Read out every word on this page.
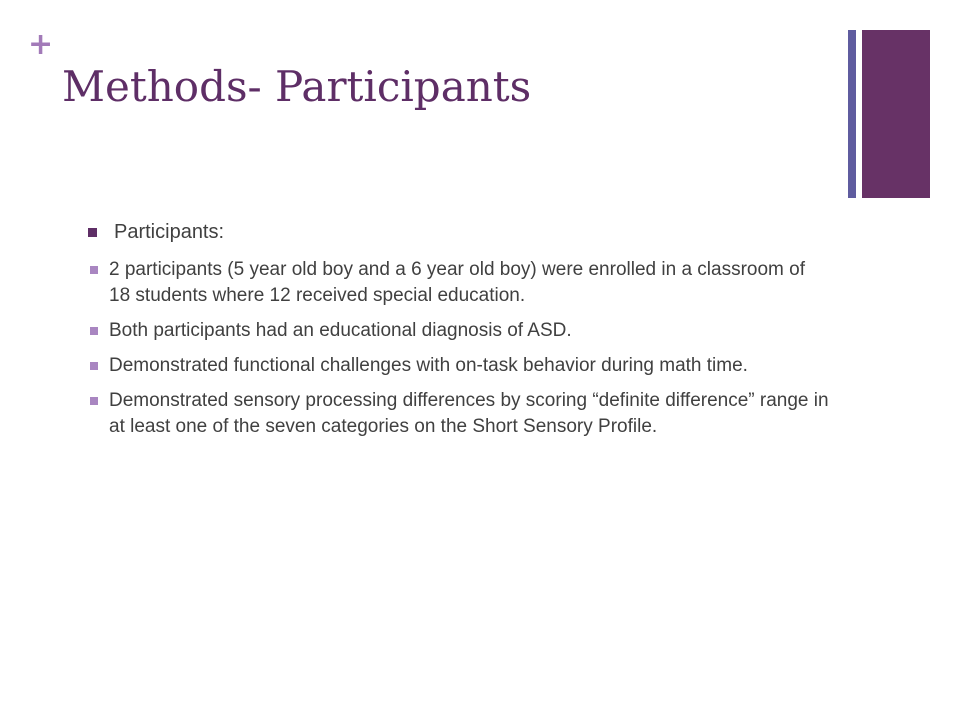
+
Methods- Participants
Participants:
2 participants (5 year old boy and a 6 year old boy) were enrolled in a classroom of 18 students where 12 received special education.
Both participants had an educational diagnosis of ASD.
Demonstrated functional challenges with on-task behavior during math time.
Demonstrated sensory processing differences by scoring “definite difference” range in at least one of the seven categories on the Short Sensory Profile.
